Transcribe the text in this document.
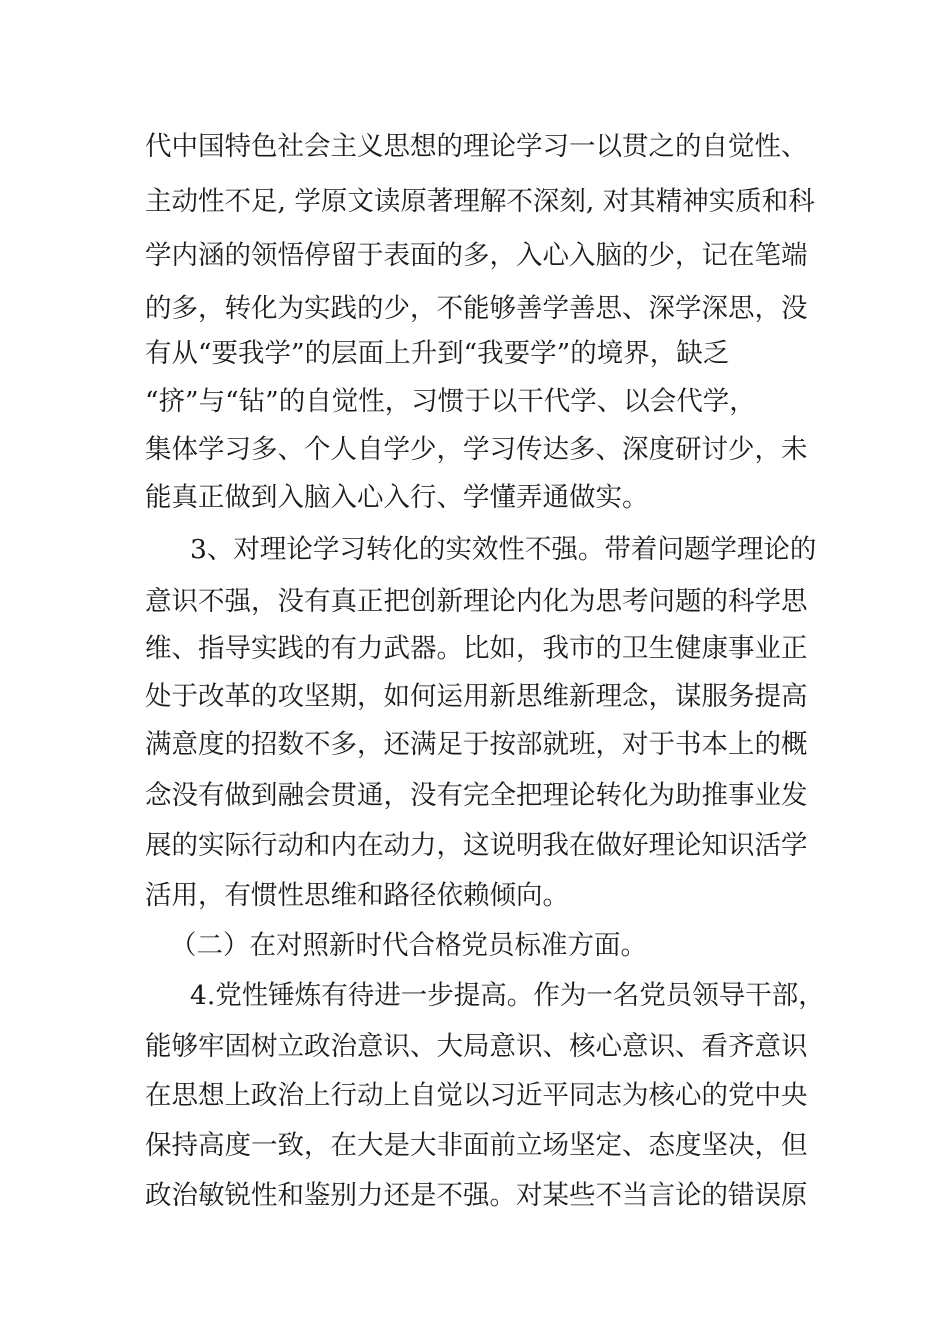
代中国特色社会主义思想的理论学习一以贯之的自觉性、
主动性不足, 学原文读原著理解不深刻, 对其精神实质和科
学内涵的领悟停留于表面的多，入心入脑的少，记在笔端
的多，转化为实践的少，不能够善学善思、深学深思，没
有从“要我学”的层面上升到“我要学”的境界，缺乏
“挤”与“钻”的自觉性，习惯于以干代学、以会代学，
集体学习多、个人自学少，学习传达多、深度研讨少，未
能真正做到入脑入心入行、学懂弄通做实。
3、对理论学习转化的实效性不强。带着问题学理论的
意识不强，没有真正把创新理论内化为思考问题的科学思
维、指导实践的有力武器。比如，我市的卫生健康事业正
处于改革的攻坚期，如何运用新思维新理念，谋服务提高
满意度的招数不多，还满足于按部就班，对于书本上的概
念没有做到融会贯通，没有完全把理论转化为助推事业发
展的实际行动和内在动力，这说明我在做好理论知识活学
活用，有惯性思维和路径依赖倾向。
（二）在对照新时代合格党员标准方面。
4.党性锤炼有待进一步提高。作为一名党员领导干部，
能够牢固树立政治意识、大局意识、核心意识、看齐意识
在思想上政治上行动上自觉以习近平同志为核心的党中央
保持高度一致，在大是大非面前立场坚定、态度坚决，但
政治敏锐性和鉴别力还是不强。对某些不当言论的错误原
